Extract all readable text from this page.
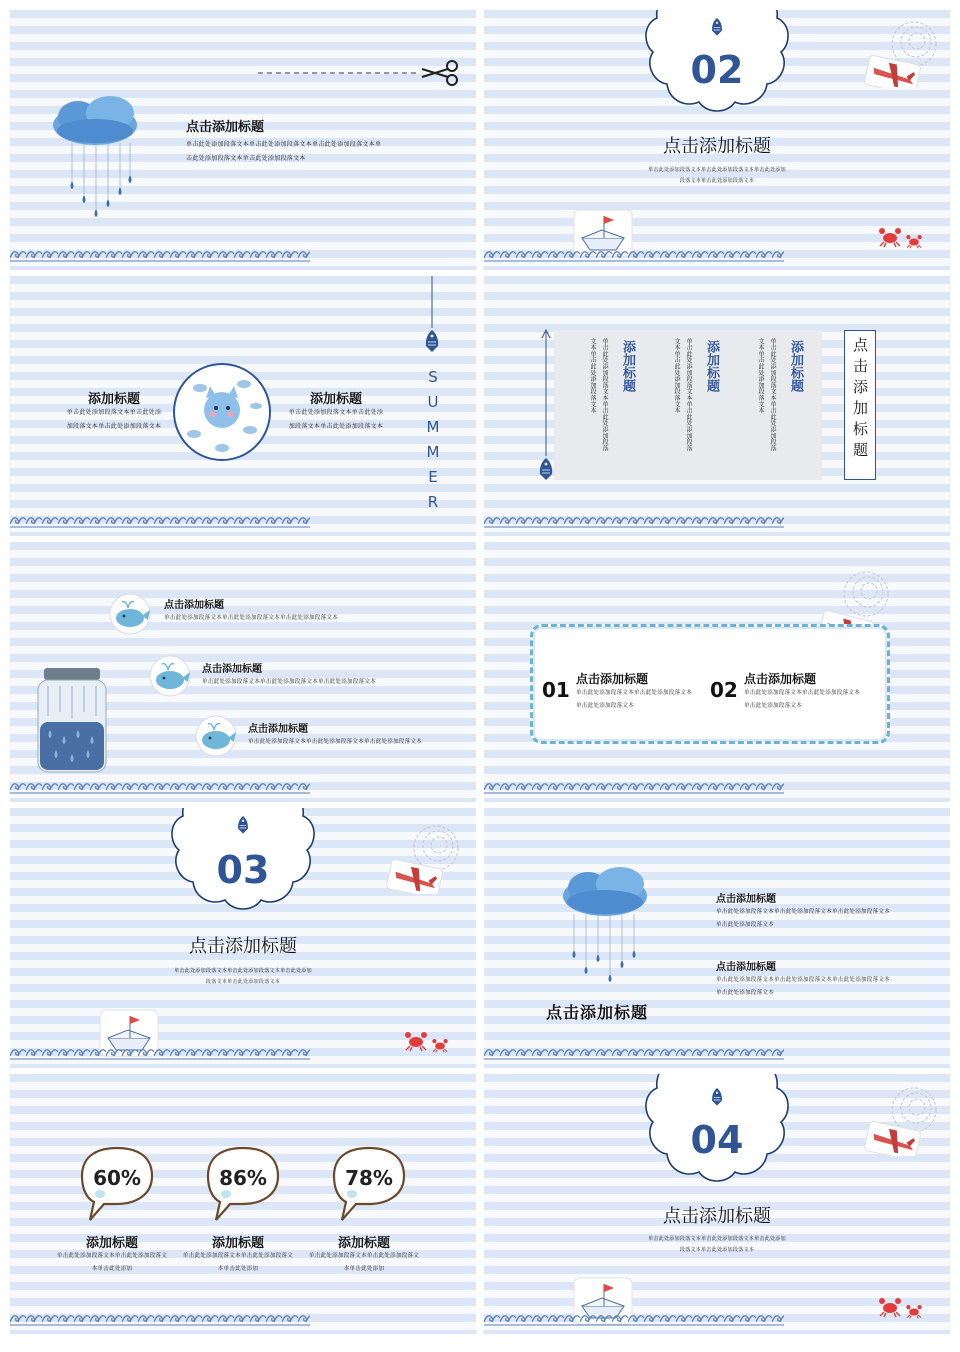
点击添加标题
单击此处添加段落文本单击此处添加段落文本单击此处添加段落文本单击此处添加段落文本单击此处添加段落文本
02
点击添加标题
单击此处添加段落文本单击此处添加段落文本单击此处添加段落文本单击此处添加段落文本
添加标题
单击此处添加段落文本单击此处添加段落文本单击此处添加段落文本
添加标题
单击此处添加段落文本单击此处添加段落文本单击此处添加段落文本	SUMMER	单击此处添加段落文本单击此处添加段落文本单击此处添加段落文本	添加标题	单击此处添加段落文本单击此处添加段落文本单击此处添加段落文本	添加标题	单击此处添加段落文本单击此处添加段落文本单击此处添加段落文本	添加标题	点击添加标题
点击添加标题
单击此处添加段落文本单击此处添加段落文本单击此处添加段落文本
点击添加标题
单击此处添加段落文本单击此处添加段落文本单击此处添加段落文本
点击添加标题
单击此处添加段落文本单击此处添加段落文本单击此处添加段落文本
01 点击添加标题
单击此处添加段落文本单击此处添加段落文本单击此处添加段落文本
02 点击添加标题
单击此处添加段落文本单击此处添加段落文本单击此处添加段落文本
03
点击添加标题
单击此处添加段落文本单击此处添加段落文本单击此处添加段落文本单击此处添加段落文本
点击添加标题
单击此处添加段落文本单击此处添加段落文本单击此处添加段落文本单击此处添加段落文本
点击添加标题
单击此处添加段落文本单击此处添加段落文本单击此处添加段落文本单击此处添加段落文本
点击添加标题
60%
添加标题
单击此处添加段落文本单击此处添加段落文本单击此处添加
86%
添加标题
单击此处添加段落文本单击此处添加段落文本单击此处添加
78%
添加标题
单击此处添加段落文本单击此处添加段落文本单击此处添加
04
点击添加标题
单击此处添加段落文本单击此处添加段落文本单击此处添加段落文本单击此处添加段落文本
